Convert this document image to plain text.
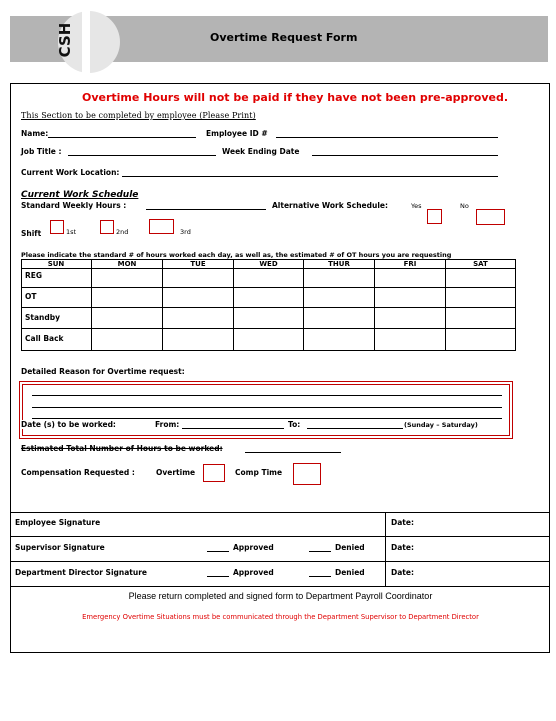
CSH	Overtime Request Form
Overtime Hours will not be paid if they have not been pre-approved.
This Section to be completed by employee (Please Print)
Name:	Employee ID #
Job Title :	Week Ending Date
Current Work Location:
Current Work Schedule
Standard Weekly Hours :	Alternative Work Schedule:	Yes	No
Shift	1st	2nd	3rd
Please indicate the standard # of hours worked each day, as well as, the estimated # of OT hours you are requesting
SUN	MON	TUE	WED	THUR	FRI	SAT
REG
OT
Standby
Call Back
Detailed Reason for Overtime request:
Date (s) to be worked:	From:	To:	(Sunday – Saturday)
Estimated Total Number of Hours to be worked:
Compensation Requested :	Overtime	Comp Time
Employee Signature	Date:
Supervisor Signature	Approved	Denied	Date:
Department Director Signature	Approved	Denied	Date:
Please return completed and signed form to Department Payroll Coordinator
Emergency Overtime Situations must be communicated through the Department Supervisor to Department Director
